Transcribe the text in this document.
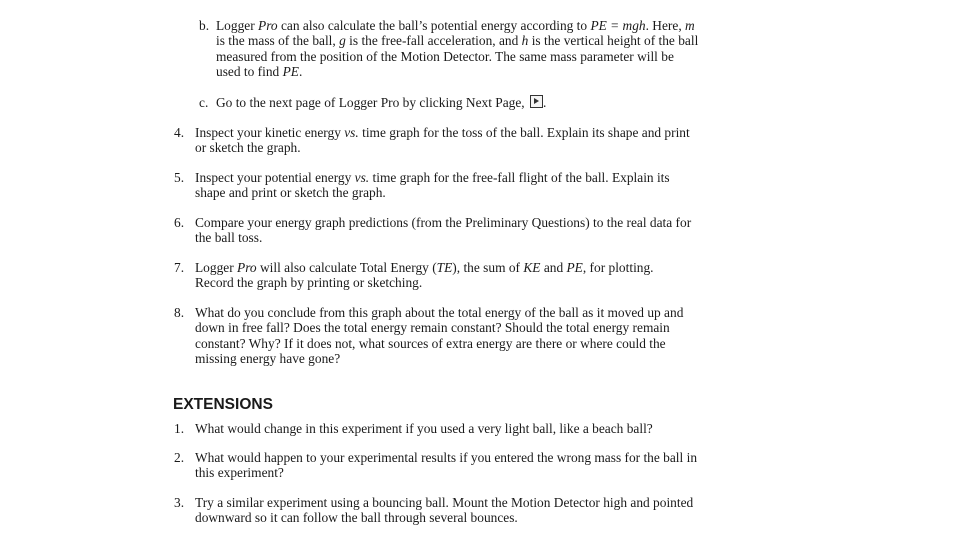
b. Logger Pro can also calculate the ball’s potential energy according to PE = mgh. Here, m
is the mass of the ball, g is the free-fall acceleration, and h is the vertical height of the ball
measured from the position of the Motion Detector. The same mass parameter will be
used to find PE.
c. Go to the next page of Logger Pro by clicking Next Page, .
4. Inspect your kinetic energy vs. time graph for the toss of the ball. Explain its shape and print
or sketch the graph.
5. Inspect your potential energy vs. time graph for the free-fall flight of the ball. Explain its
shape and print or sketch the graph.
6. Compare your energy graph predictions (from the Preliminary Questions) to the real data for
the ball toss.
7. Logger Pro will also calculate Total Energy (TE), the sum of KE and PE, for plotting.
Record the graph by printing or sketching.
8. What do you conclude from this graph about the total energy of the ball as it moved up and
down in free fall? Does the total energy remain constant? Should the total energy remain
constant? Why? If it does not, what sources of extra energy are there or where could the
missing energy have gone?
EXTENSIONS
1. What would change in this experiment if you used a very light ball, like a beach ball?
2. What would happen to your experimental results if you entered the wrong mass for the ball in
this experiment?
3. Try a similar experiment using a bouncing ball. Mount the Motion Detector high and pointed
downward so it can follow the ball through several bounces.
